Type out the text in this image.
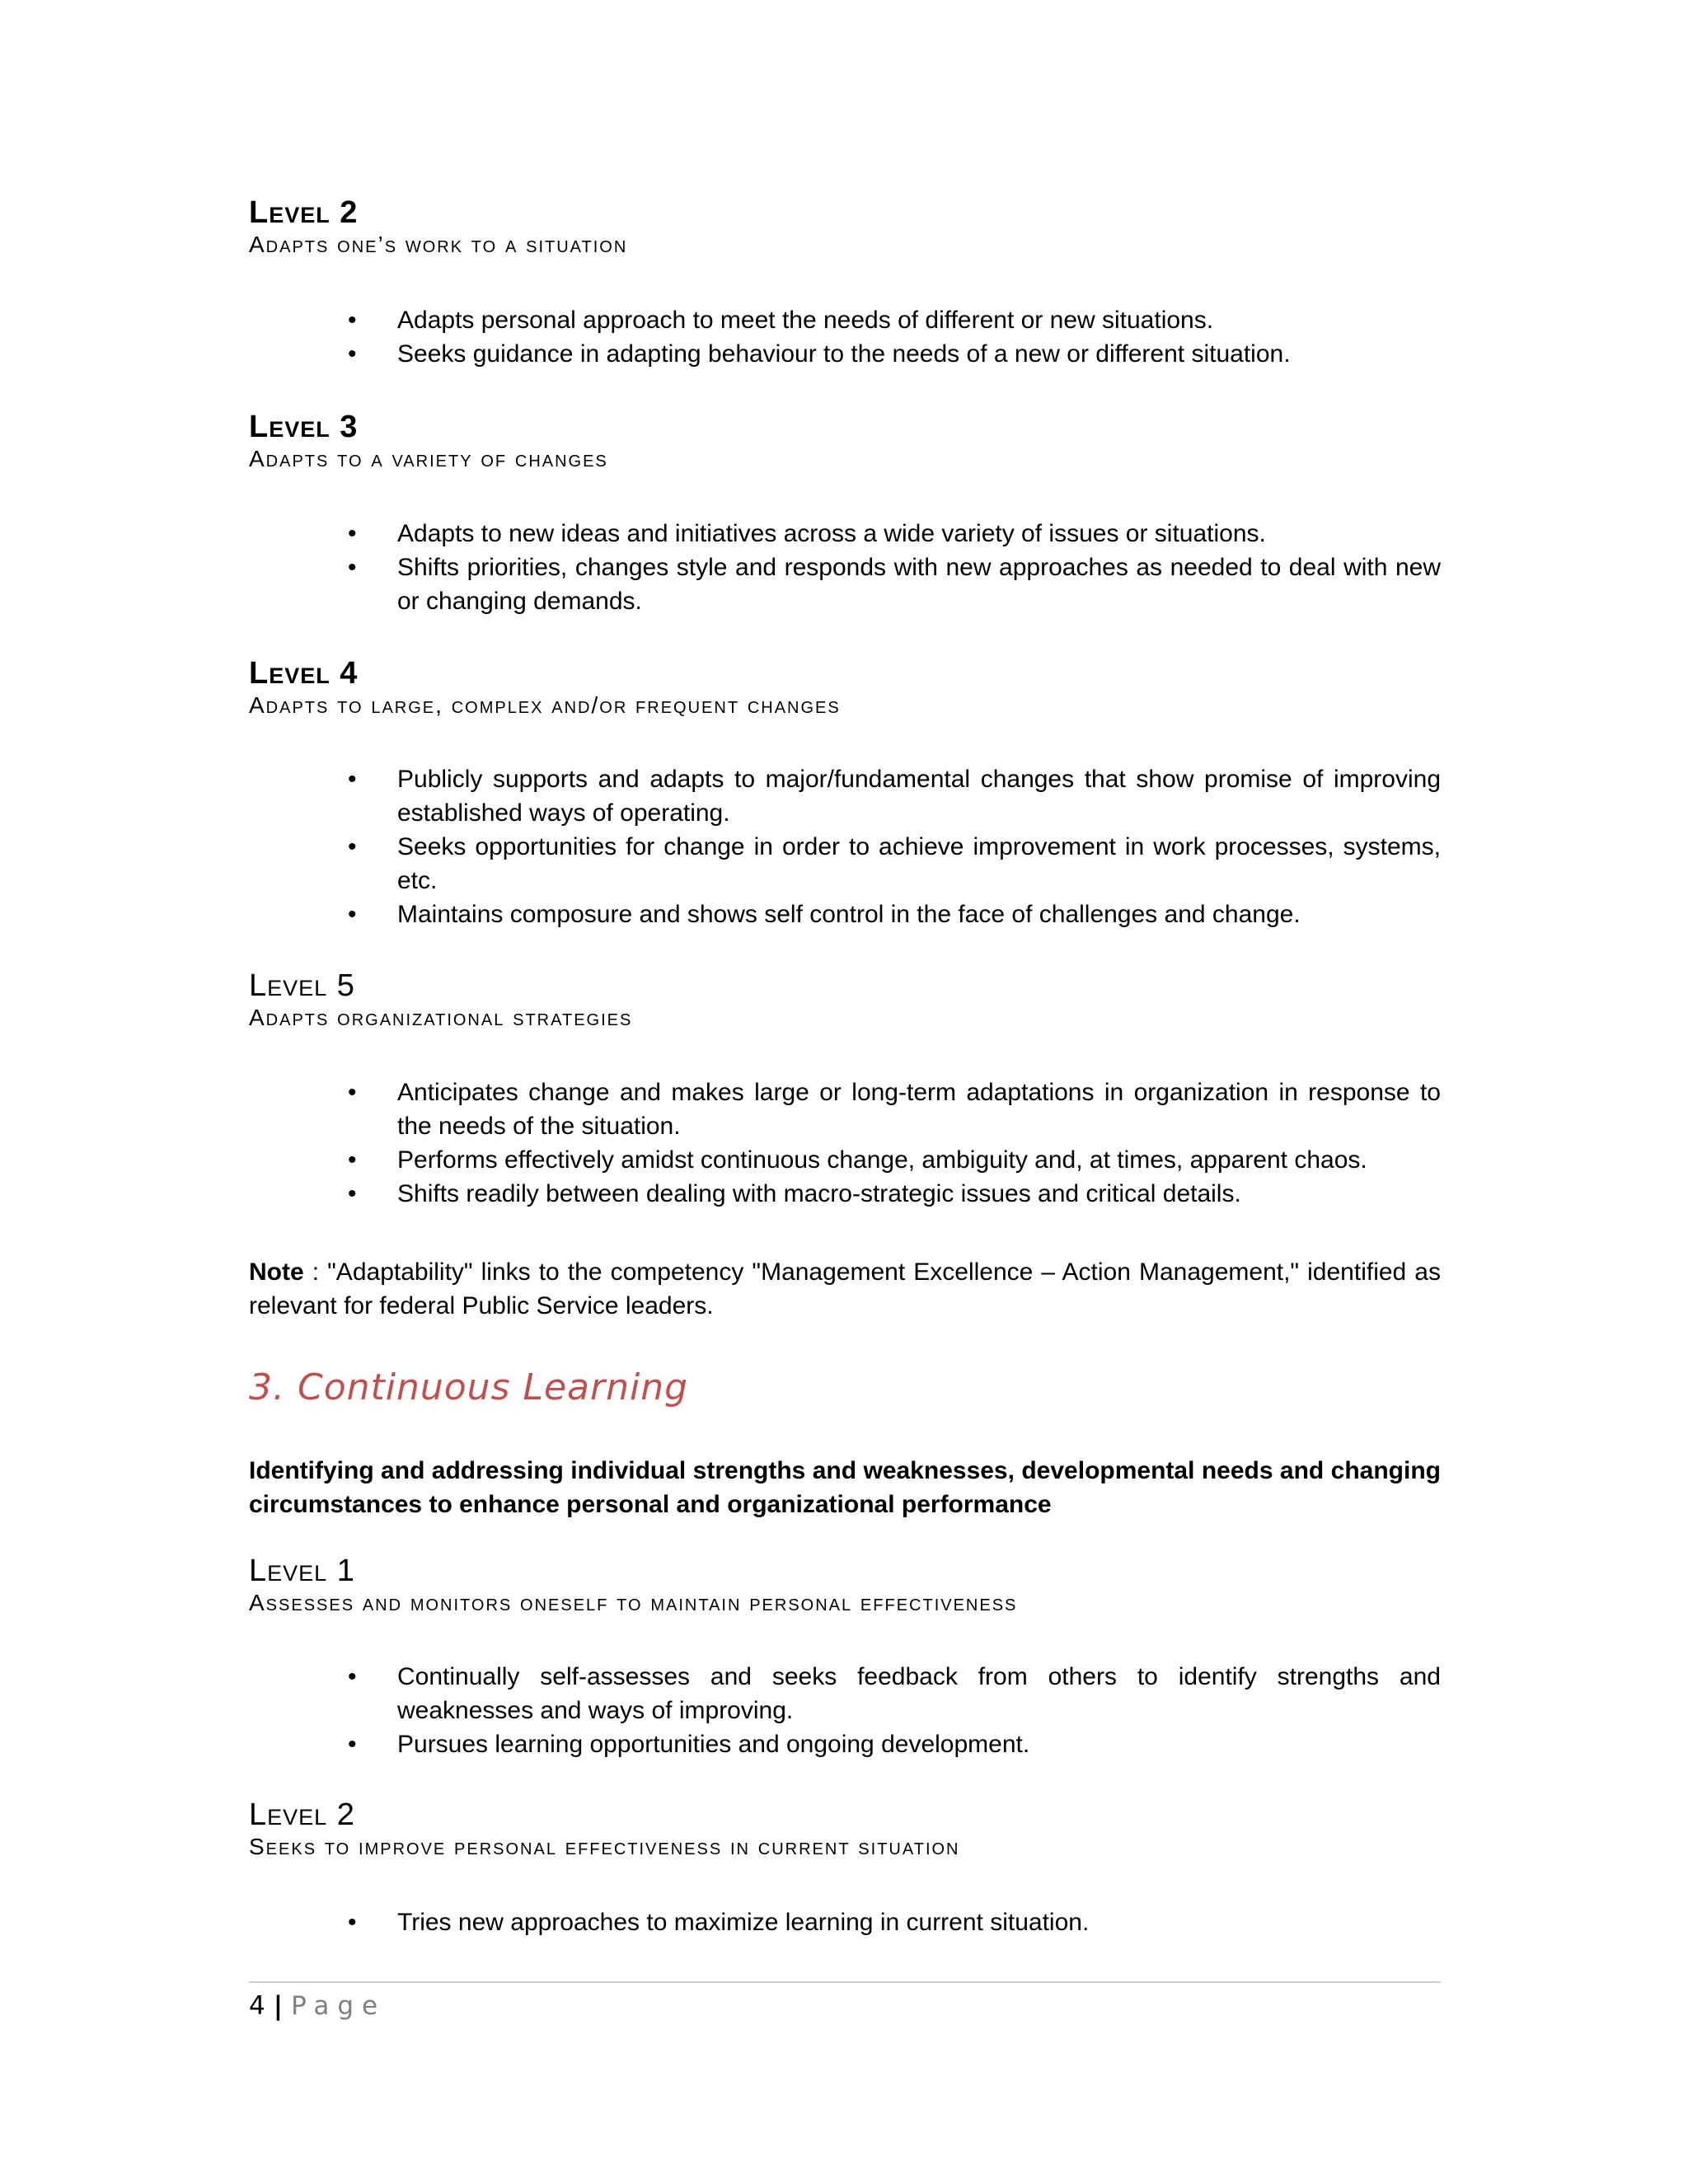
Level 2

Adapts one’s work to a situation

• Adapts personal approach to meet the needs of different or new situations.
• Seeks guidance in adapting behaviour to the needs of a new or different situation.

Level 3

Adapts to a variety of changes

• Adapts to new ideas and initiatives across a wide variety of issues or situations.
• Shifts priorities, changes style and responds with new approaches as needed to deal with new or changing demands.

Level 4

Adapts to large, complex and/or frequent changes

• Publicly supports and adapts to major/fundamental changes that show promise of improving established ways of operating.
• Seeks opportunities for change in order to achieve improvement in work processes, systems, etc.
• Maintains composure and shows self control in the face of challenges and change.

Level 5

Adapts organizational strategies

• Anticipates change and makes large or long-term adaptations in organization in response to the needs of the situation.
• Performs effectively amidst continuous change, ambiguity and, at times, apparent chaos.
• Shifts readily between dealing with macro-strategic issues and critical details.

Note : "Adaptability" links to the competency "Management Excellence – Action Management," identified as relevant for federal Public Service leaders.

3. Continuous Learning

Identifying and addressing individual strengths and weaknesses, developmental needs and changing circumstances to enhance personal and organizational performance

Level 1

Assesses and monitors oneself to maintain personal effectiveness

• Continually self-assesses and seeks feedback from others to identify strengths and weaknesses and ways of improving.
• Pursues learning opportunities and ongoing development.

Level 2

Seeks to improve personal effectiveness in current situation

• Tries new approaches to maximize learning in current situation.
4 | Page
